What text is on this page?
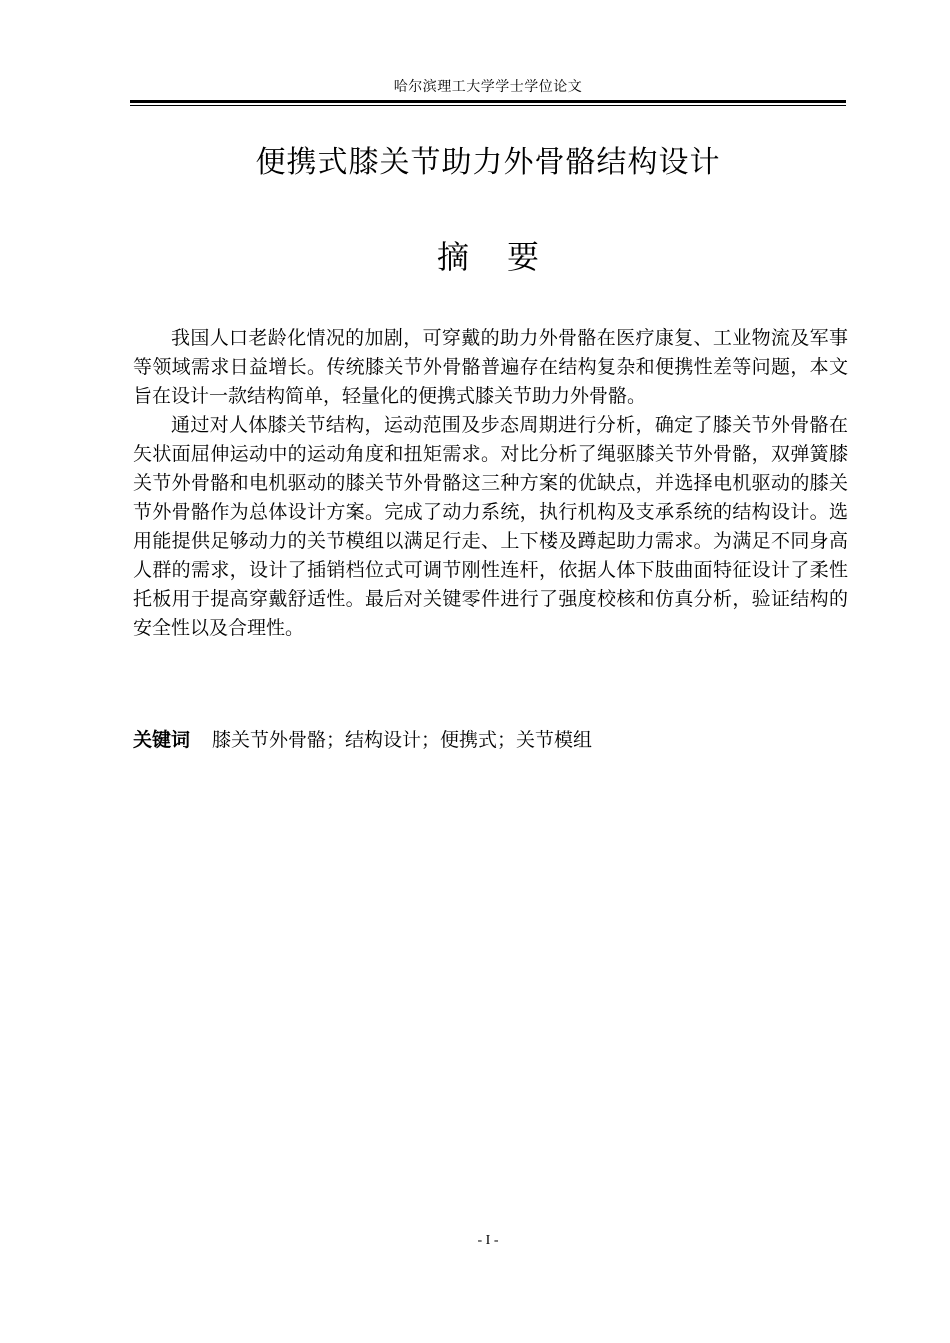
哈尔滨理工大学学士学位论文
便携式膝关节助力外骨骼结构设计
摘要

我国人口老龄化情况的加剧，可穿戴的助力外骨骼在医疗康复、工业物流及军事等领域需求日益增长。传统膝关节外骨骼普遍存在结构复杂和便携性差等问题，本文旨在设计一款结构简单，轻量化的便携式膝关节助力外骨骼。

通过对人体膝关节结构，运动范围及步态周期进行分析，确定了膝关节外骨骼在矢状面屈伸运动中的运动角度和扭矩需求。对比分析了绳驱膝关节外骨骼，双弹簧膝关节外骨骼和电机驱动的膝关节外骨骼这三种方案的优缺点，并选择电机驱动的膝关节外骨骼作为总体设计方案。完成了动力系统，执行机构及支承系统的结构设计。选用能提供足够动力的关节模组以满足行走、上下楼及蹲起助力需求。为满足不同身高人群的需求，设计了插销档位式可调节刚性连杆，依据人体下肢曲面特征设计了柔性托板用于提高穿戴舒适性。最后对关键零件进行了强度校核和仿真分析，验证结构的安全性以及合理性。

关键词 膝关节外骨骼；结构设计；便携式；关节模组
- I -
